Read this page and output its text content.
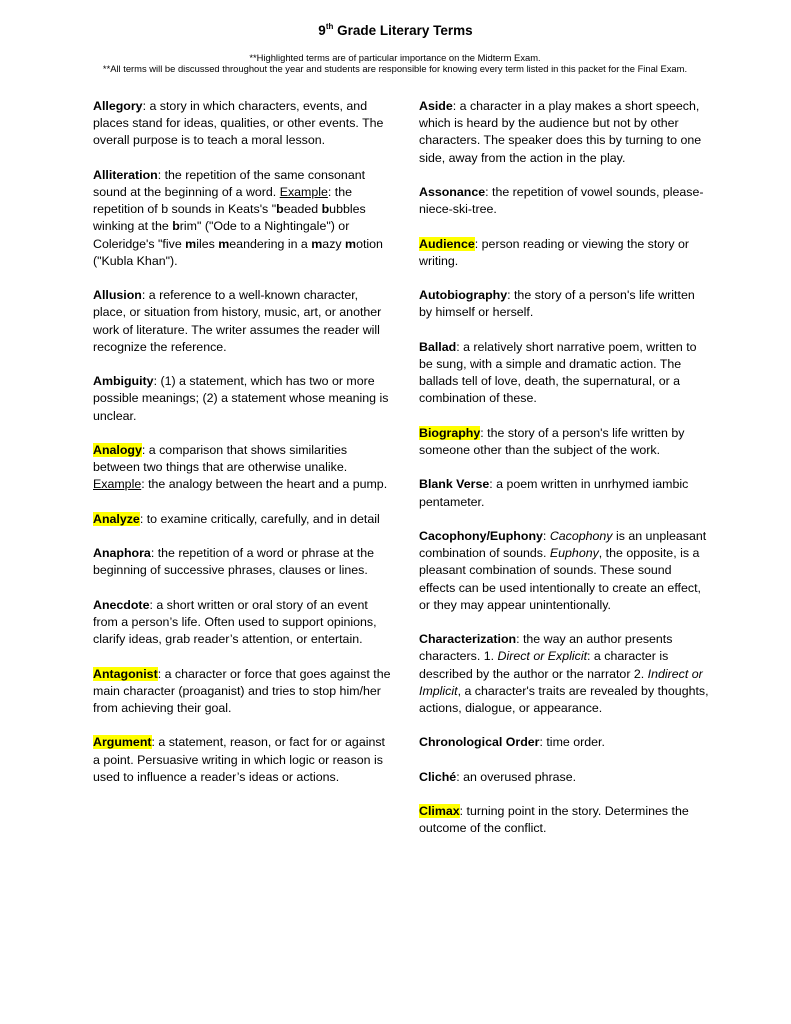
9th Grade Literary Terms
**Highlighted terms are of particular importance on the Midterm Exam.
**All terms will be discussed throughout the year and students are responsible for knowing every term listed in this packet for the Final Exam.
Allegory: a story in which characters, events, and places stand for ideas, qualities, or other events. The overall purpose is to teach a moral lesson.
Alliteration: the repetition of the same consonant sound at the beginning of a word. Example: the repetition of b sounds in Keats's "beaded bubbles winking at the brim" ("Ode to a Nightingale") or Coleridge's "five miles meandering in a mazy motion ("Kubla Khan").
Allusion: a reference to a well-known character, place, or situation from history, music, art, or another work of literature. The writer assumes the reader will recognize the reference.
Ambiguity: (1) a statement, which has two or more possible meanings; (2) a statement whose meaning is unclear.
Analogy: a comparison that shows similarities between two things that are otherwise unalike. Example: the analogy between the heart and a pump.
Analyze: to examine critically, carefully, and in detail
Anaphora: the repetition of a word or phrase at the beginning of successive phrases, clauses or lines.
Anecdote: a short written or oral story of an event from a person’s life. Often used to support opinions, clarify ideas, grab reader’s attention, or entertain.
Antagonist: a character or force that goes against the main character (proaganist) and tries to stop him/her from achieving their goal.
Argument: a statement, reason, or fact for or against a point. Persuasive writing in which logic or reason is used to influence a reader’s ideas or actions.
Aside: a character in a play makes a short speech, which is heard by the audience but not by other characters. The speaker does this by turning to one side, away from the action in the play.
Assonance: the repetition of vowel sounds, please-niece-ski-tree.
Audience: person reading or viewing the story or writing.
Autobiography: the story of a person's life written by himself or herself.
Ballad: a relatively short narrative poem, written to be sung, with a simple and dramatic action. The ballads tell of love, death, the supernatural, or a combination of these.
Biography: the story of a person's life written by someone other than the subject of the work.
Blank Verse: a poem written in unrhymed iambic pentameter.
Cacophony/Euphony: Cacophony is an unpleasant combination of sounds. Euphony, the opposite, is a pleasant combination of sounds. These sound effects can be used intentionally to create an effect, or they may appear unintentionally.
Characterization: the way an author presents characters. 1. Direct or Explicit: a character is described by the author or the narrator 2. Indirect or Implicit, a character's traits are revealed by thoughts, actions, dialogue, or appearance.
Chronological Order: time order.
Cliché: an overused phrase.
Climax: turning point in the story. Determines the outcome of the conflict.
